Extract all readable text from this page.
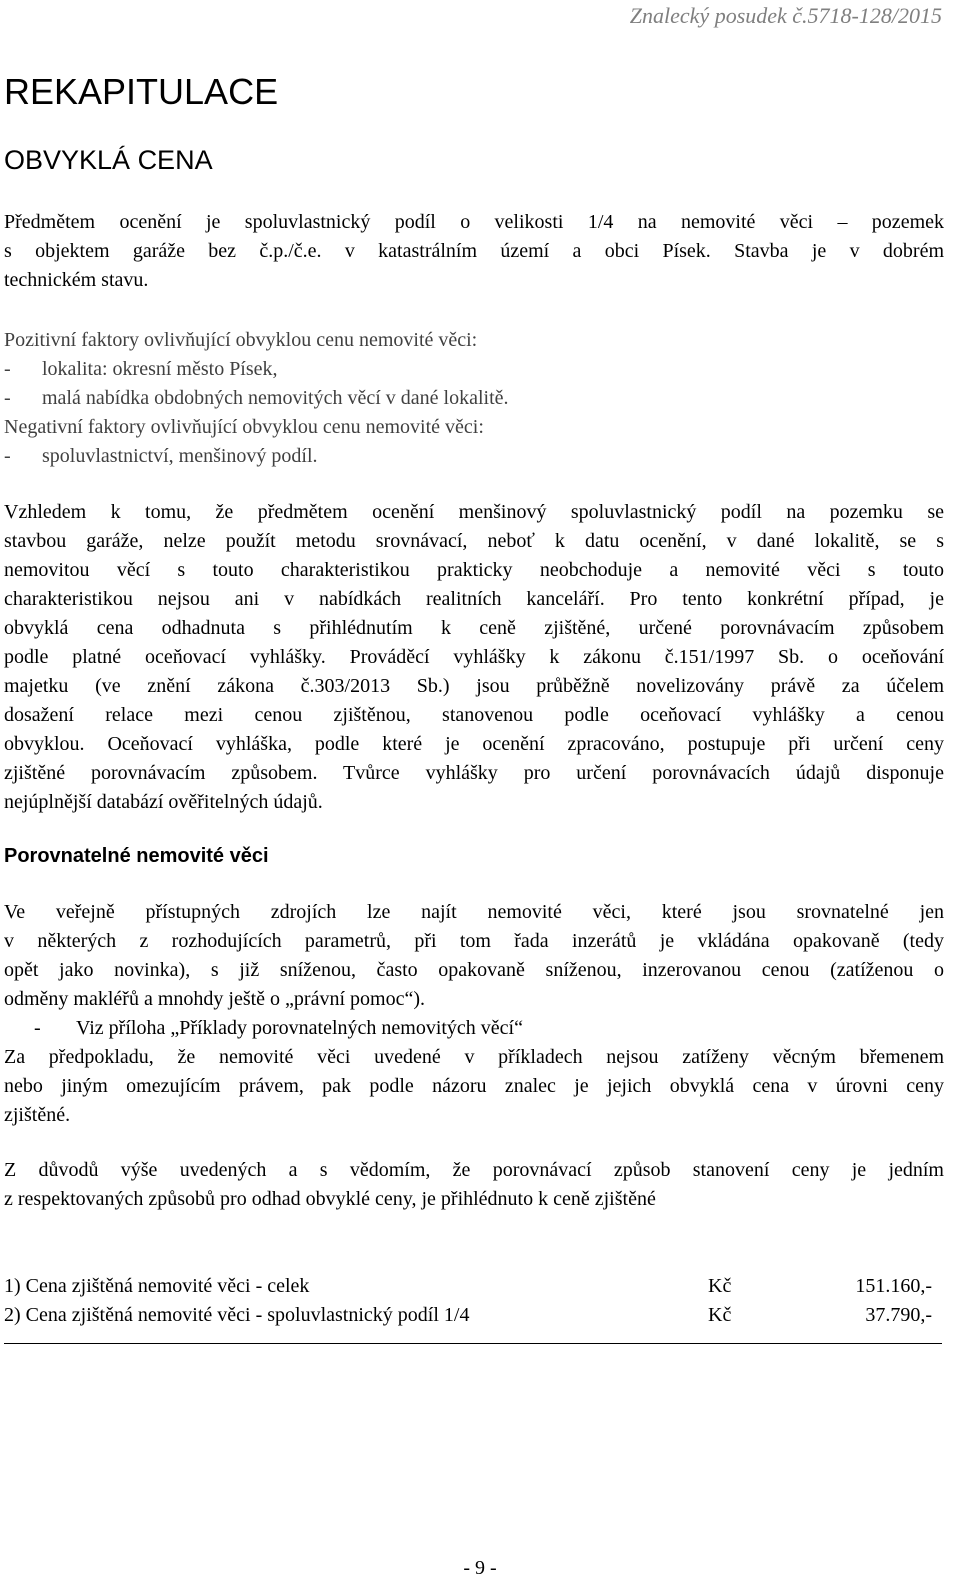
Znalecký posudek č.5718-128/2015
REKAPITULACE
OBVYKLÁ CENA

Předmětem ocenění je spoluvlastnický podíl o velikosti 1/4 na nemovité věci – pozemek

s objektem garáže bez č.p./č.e. v katastrálním území a obci Písek. Stavba je v dobrém

technickém stavu.

Pozitivní faktory ovlivňující obvyklou cenu nemovité věci:

-	lokalita: okresní město Písek,
-	malá nabídka obdobných nemovitých věcí v dané lokalitě.

Negativní faktory ovlivňující obvyklou cenu nemovité věci:

-	spoluvlastnictví, menšinový podíl.

Vzhledem k tomu, že předmětem ocenění menšinový spoluvlastnický podíl na pozemku se

stavbou garáže, nelze použít metodu srovnávací, neboť k datu ocenění, v dané lokalitě, se s

nemovitou věcí s touto charakteristikou prakticky neobchoduje a nemovité věci s touto

charakteristikou nejsou ani v nabídkách realitních kanceláří. Pro tento konkrétní případ, je

obvyklá cena odhadnuta s přihlédnutím k ceně zjištěné, určené porovnávacím způsobem

podle platné oceňovací vyhlášky. Prováděcí vyhlášky k zákonu č.151/1997 Sb. o oceňování

majetku (ve znění zákona č.303/2013 Sb.) jsou průběžně novelizovány právě za účelem

dosažení relace mezi cenou zjištěnou, stanovenou podle oceňovací vyhlášky a cenou

obvyklou. Oceňovací vyhláška, podle které je ocenění zpracováno, postupuje při určení ceny

zjištěné porovnávacím způsobem. Tvůrce vyhlášky pro určení porovnávacích údajů disponuje

nejúplnější databází ověřitelných údajů.

Porovnatelné nemovité věci

Ve veřejně přístupných zdrojích lze najít nemovité věci, které jsou srovnatelné jen

v některých z rozhodujících parametrů, při tom řada inzerátů je vkládána opakovaně (tedy

opět jako novinka), s již sníženou, často opakovaně sníženou, inzerovanou cenou (zatíženou o

odměny makléřů a mnohdy ještě o „právní pomoc“).

-	Viz příloha „Příklady porovnatelných nemovitých věcí“

Za předpokladu, že nemovité věci uvedené v příkladech nejsou zatíženy věcným břemenem

nebo jiným omezujícím právem, pak podle názoru znalec je jejich obvyklá cena v úrovni ceny

zjištěné.

Z důvodů výše uvedených a s vědomím, že porovnávací způsob stanovení ceny je jedním

z respektovaných způsobů pro odhad obvyklé ceny, je přihlédnuto k ceně zjištěné

1) Cena zjištěná nemovité věci - celek	Kč	151.160,-
2) Cena zjištěná nemovité věci - spoluvlastnický podíl 1/4	Kč	37.790,-
- 9 -
